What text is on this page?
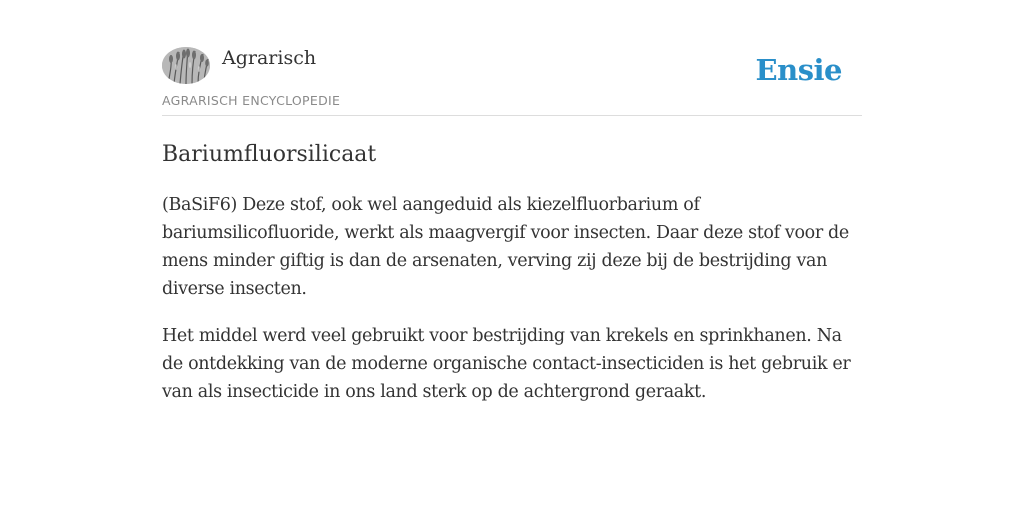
Agrarisch
AGRARISCH ENCYCLOPEDIE
Ensie
Bariumfluorsilicaat

(BaSiF6) Deze stof, ook wel aangeduid als kiezelfluorbarium of bariumsilicofluoride, werkt als maagvergif voor insecten. Daar deze stof voor de mens minder giftig is dan de arsenaten, verving zij deze bij de bestrijding van diverse insecten.

Het middel werd veel gebruikt voor bestrijding van krekels en sprinkhanen. Na de ontdekking van de moderne organische contact-insecticiden is het gebruik er van als insecticide in ons land sterk op de achtergrond geraakt.
